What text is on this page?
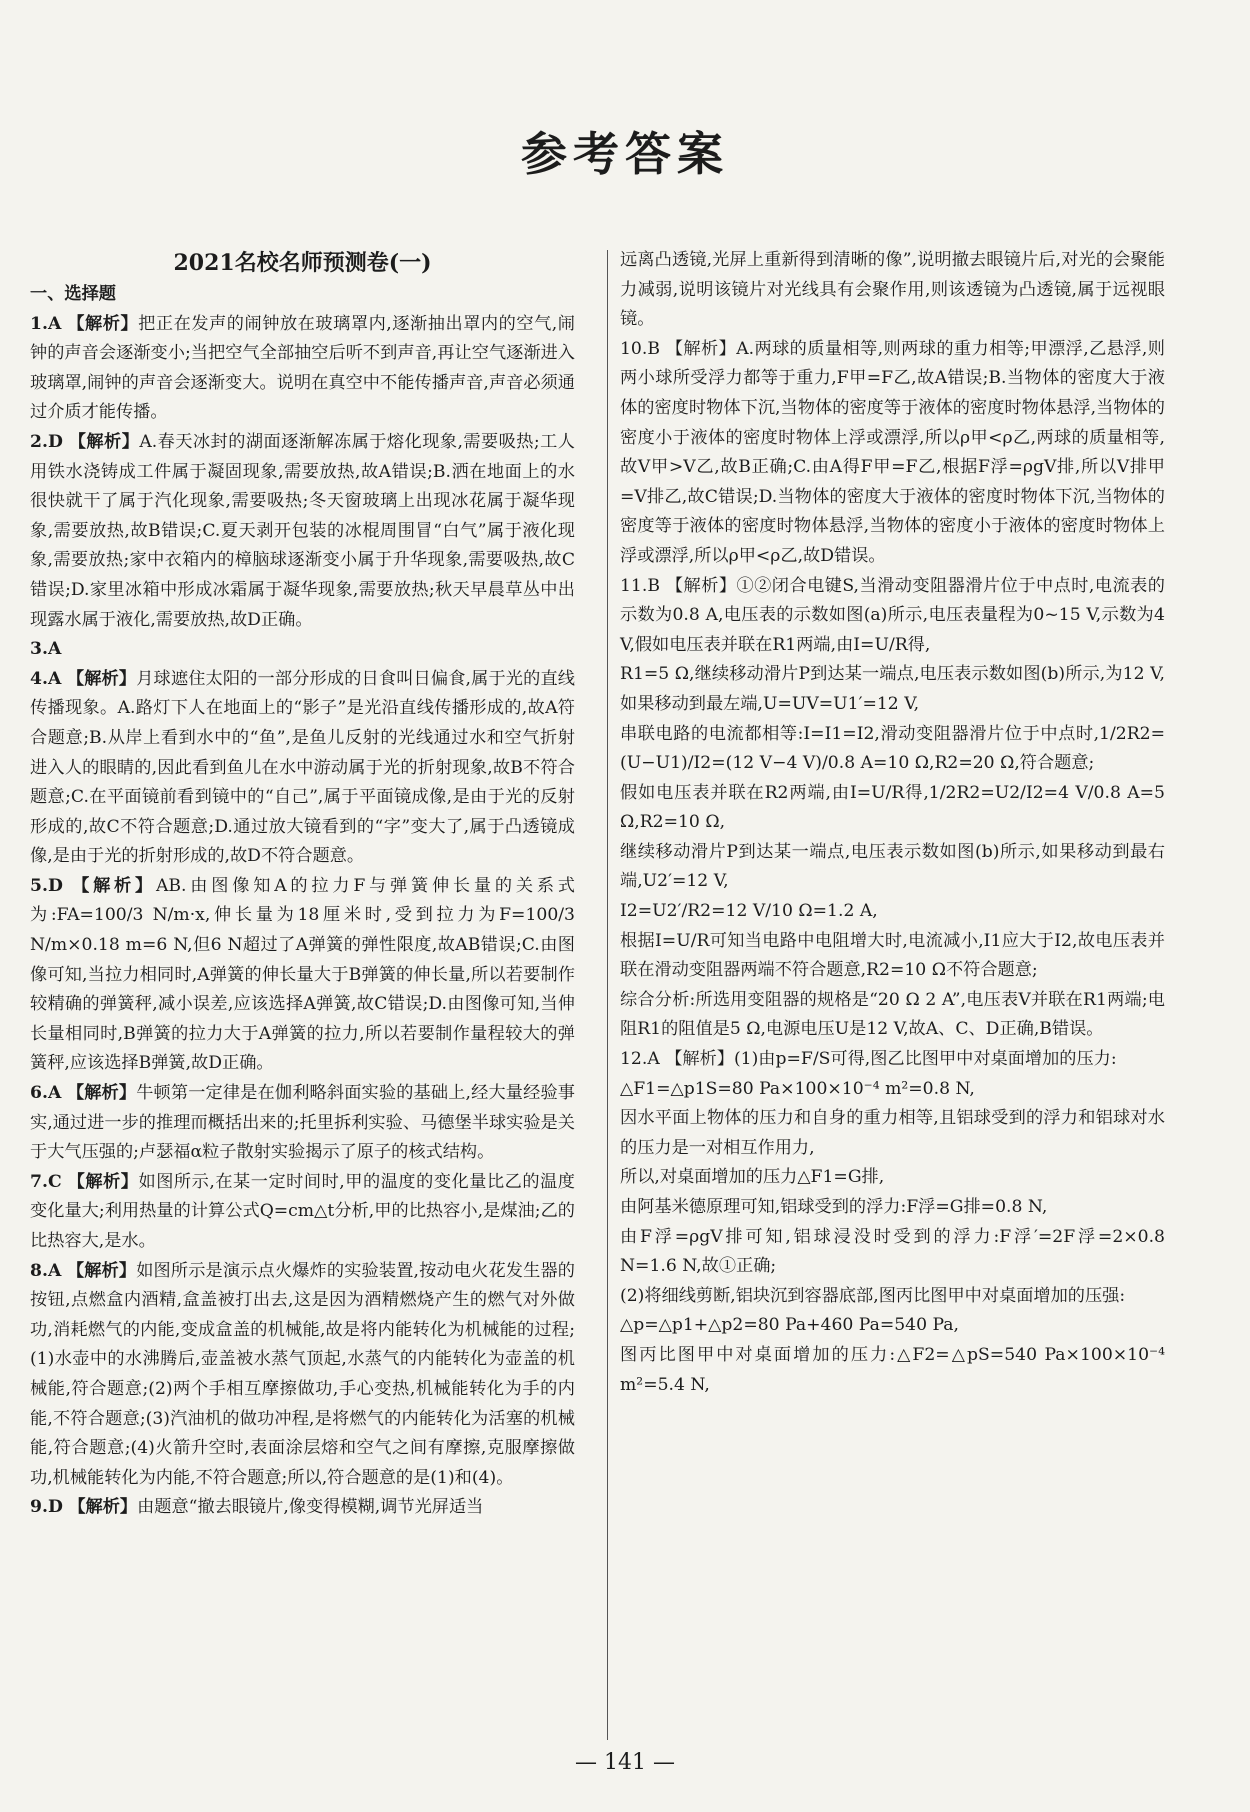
参考答案
2021名校名师预测卷(一)
一、选择题

1.A 【解析】把正在发声的闹钟放在玻璃罩内,逐渐抽出罩内的空气,闹钟的声音会逐渐变小;当把空气全部抽空后听不到声音,再让空气逐渐进入玻璃罩,闹钟的声音会逐渐变大。说明在真空中不能传播声音,声音必须通过介质才能传播。

2.D 【解析】A.春天冰封的湖面逐渐解冻属于熔化现象,需要吸热;工人用铁水浇铸成工件属于凝固现象,需要放热,故A错误;B.洒在地面上的水很快就干了属于汽化现象,需要吸热;冬天窗玻璃上出现冰花属于凝华现象,需要放热,故B错误;C.夏天剥开包装的冰棍周围冒“白气”属于液化现象,需要放热;家中衣箱内的樟脑球逐渐变小属于升华现象,需要吸热,故C错误;D.家里冰箱中形成冰霜属于凝华现象,需要放热;秋天早晨草丛中出现露水属于液化,需要放热,故D正确。

3.A

4.A 【解析】月球遮住太阳的一部分形成的日食叫日偏食,属于光的直线传播现象。A.路灯下人在地面上的“影子”是光沿直线传播形成的,故A符合题意;B.从岸上看到水中的“鱼”,是鱼儿反射的光线通过水和空气折射进入人的眼睛的,因此看到鱼儿在水中游动属于光的折射现象,故B不符合题意;C.在平面镜前看到镜中的“自己”,属于平面镜成像,是由于光的反射形成的,故C不符合题意;D.通过放大镜看到的“字”变大了,属于凸透镜成像,是由于光的折射形成的,故D不符合题意。

5.D 【解析】AB.由图像知A的拉力F与弹簧伸长量的关系式为:FA=100/3 N/m·x,伸长量为18厘米时,受到拉力为F=100/3 N/m×0.18 m=6 N,但6 N超过了A弹簧的弹性限度,故AB错误;C.由图像可知,当拉力相同时,A弹簧的伸长量大于B弹簧的伸长量,所以若要制作较精确的弹簧秤,减小误差,应该选择A弹簧,故C错误;D.由图像可知,当伸长量相同时,B弹簧的拉力大于A弹簧的拉力,所以若要制作量程较大的弹簧秤,应该选择B弹簧,故D正确。

6.A 【解析】牛顿第一定律是在伽利略斜面实验的基础上,经大量经验事实,通过进一步的推理而概括出来的;托里拆利实验、马德堡半球实验是关于大气压强的;卢瑟福α粒子散射实验揭示了原子的核式结构。

7.C 【解析】如图所示,在某一定时间时,甲的温度的变化量比乙的温度变化量大;利用热量的计算公式Q=cm△t分析,甲的比热容小,是煤油;乙的比热容大,是水。

8.A 【解析】如图所示是演示点火爆炸的实验装置,按动电火花发生器的按钮,点燃盒内酒精,盒盖被打出去,这是因为酒精燃烧产生的燃气对外做功,消耗燃气的内能,变成盒盖的机械能,故是将内能转化为机械能的过程;(1)水壶中的水沸腾后,壶盖被水蒸气顶起,水蒸气的内能转化为壶盖的机械能,符合题意;(2)两个手相互摩擦做功,手心变热,机械能转化为手的内能,不符合题意;(3)汽油机的做功冲程,是将燃气的内能转化为活塞的机械能,符合题意;(4)火箭升空时,表面涂层熔和空气之间有摩擦,克服摩擦做功,机械能转化为内能,不符合题意;所以,符合题意的是(1)和(4)。

9.D 【解析】由题意“撤去眼镜片,像变得模糊,调节光屏适当

远离凸透镜,光屏上重新得到清晰的像”,说明撤去眼镜片后,对光的会聚能力减弱,说明该镜片对光线具有会聚作用,则该透镜为凸透镜,属于远视眼镜。

10.B 【解析】A.两球的质量相等,则两球的重力相等;甲漂浮,乙悬浮,则两小球所受浮力都等于重力,F甲=F乙,故A错误;B.当物体的密度大于液体的密度时物体下沉,当物体的密度等于液体的密度时物体悬浮,当物体的密度小于液体的密度时物体上浮或漂浮,所以ρ甲<ρ乙,两球的质量相等,故V甲>V乙,故B正确;C.由A得F甲=F乙,根据F浮=ρgV排,所以V排甲=V排乙,故C错误;D.当物体的密度大于液体的密度时物体下沉,当物体的密度等于液体的密度时物体悬浮,当物体的密度小于液体的密度时物体上浮或漂浮,所以ρ甲<ρ乙,故D错误。

11.B 【解析】①②闭合电键S,当滑动变阻器滑片位于中点时,电流表的示数为0.8 A,电压表的示数如图(a)所示,电压表量程为0~15 V,示数为4 V,假如电压表并联在R1两端,由I=U/R得,

R1=5 Ω,继续移动滑片P到达某一端点,电压表示数如图(b)所示,为12 V,如果移动到最左端,U=UV=U1′=12 V,

串联电路的电流都相等:I=I1=I2,滑动变阻器滑片位于中点时,1/2R2=(U−U1)/I2=(12 V−4 V)/0.8 A=10 Ω,R2=20 Ω,符合题意;

假如电压表并联在R2两端,由I=U/R得,1/2R2=U2/I2=4 V/0.8 A=5 Ω,R2=10 Ω,

继续移动滑片P到达某一端点,电压表示数如图(b)所示,如果移动到最右端,U2′=12 V,

I2=U2′/R2=12 V/10 Ω=1.2 A,

根据I=U/R可知当电路中电阻增大时,电流减小,I1应大于I2,故电压表并联在滑动变阻器两端不符合题意,R2=10 Ω不符合题意;

综合分析:所选用变阻器的规格是“20 Ω 2 A”,电压表V并联在R1两端;电阻R1的阻值是5 Ω,电源电压U是12 V,故A、C、D正确,B错误。

12.A 【解析】(1)由p=F/S可得,图乙比图甲中对桌面增加的压力:

△F1=△p1S=80 Pa×100×10⁻⁴ m²=0.8 N,

因水平面上物体的压力和自身的重力相等,且铝球受到的浮力和铝球对水的压力是一对相互作用力,

所以,对桌面增加的压力△F1=G排,

由阿基米德原理可知,铝球受到的浮力:F浮=G排=0.8 N,

由F浮=ρgV排可知,铝球浸没时受到的浮力:F浮′=2F浮=2×0.8 N=1.6 N,故①正确;

(2)将细线剪断,铝块沉到容器底部,图丙比图甲中对桌面增加的压强:

△p=△p1+△p2=80 Pa+460 Pa=540 Pa,

图丙比图甲中对桌面增加的压力:△F2=△pS=540 Pa×100×10⁻⁴ m²=5.4 N,

— 141 —
